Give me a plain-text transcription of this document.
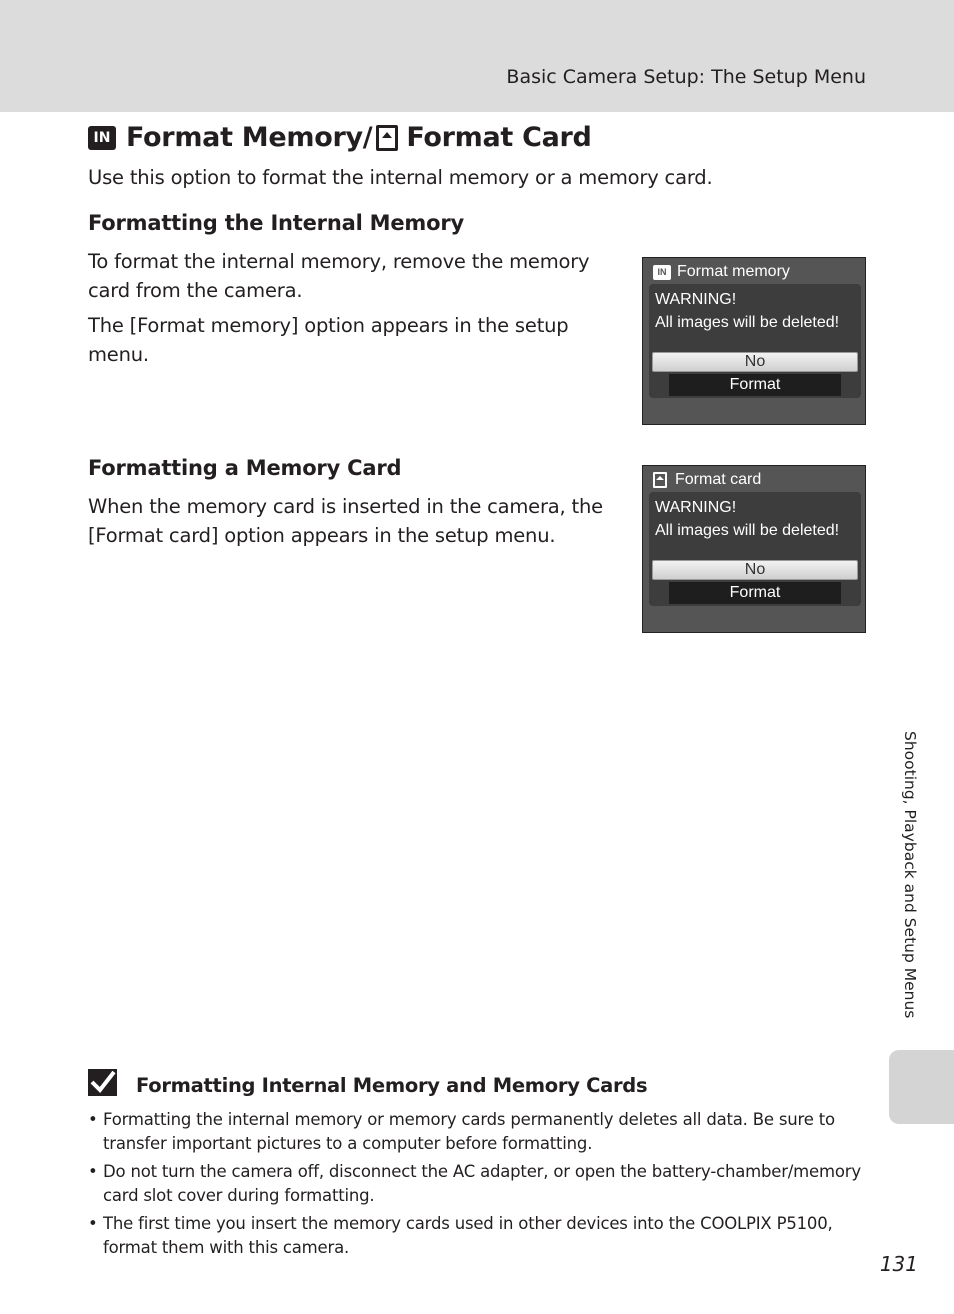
Basic Camera Setup: The Setup Menu
IN Format Memory/ Format Card

Use this option to format the internal memory or a memory card.

Formatting the Internal Memory

To format the internal memory, remove the memory card from the camera.

The [Format memory] option appears in the setup menu.

IN Format memory
WARNING!
All images will be deleted!
No
Format
Formatting a Memory Card

When the memory card is inserted in the camera, the [Format card] option appears in the setup menu.

Format card
WARNING!
All images will be deleted!
No
Format
Shooting, Playback and Setup Menus
Formatting Internal Memory and Memory Cards
• Formatting the internal memory or memory cards permanently deletes all data. Be sure to transfer important pictures to a computer before formatting.
• Do not turn the camera off, disconnect the AC adapter, or open the battery-chamber/memory card slot cover during formatting.
• The first time you insert the memory cards used in other devices into the COOLPIX P5100, format them with this camera.
131
